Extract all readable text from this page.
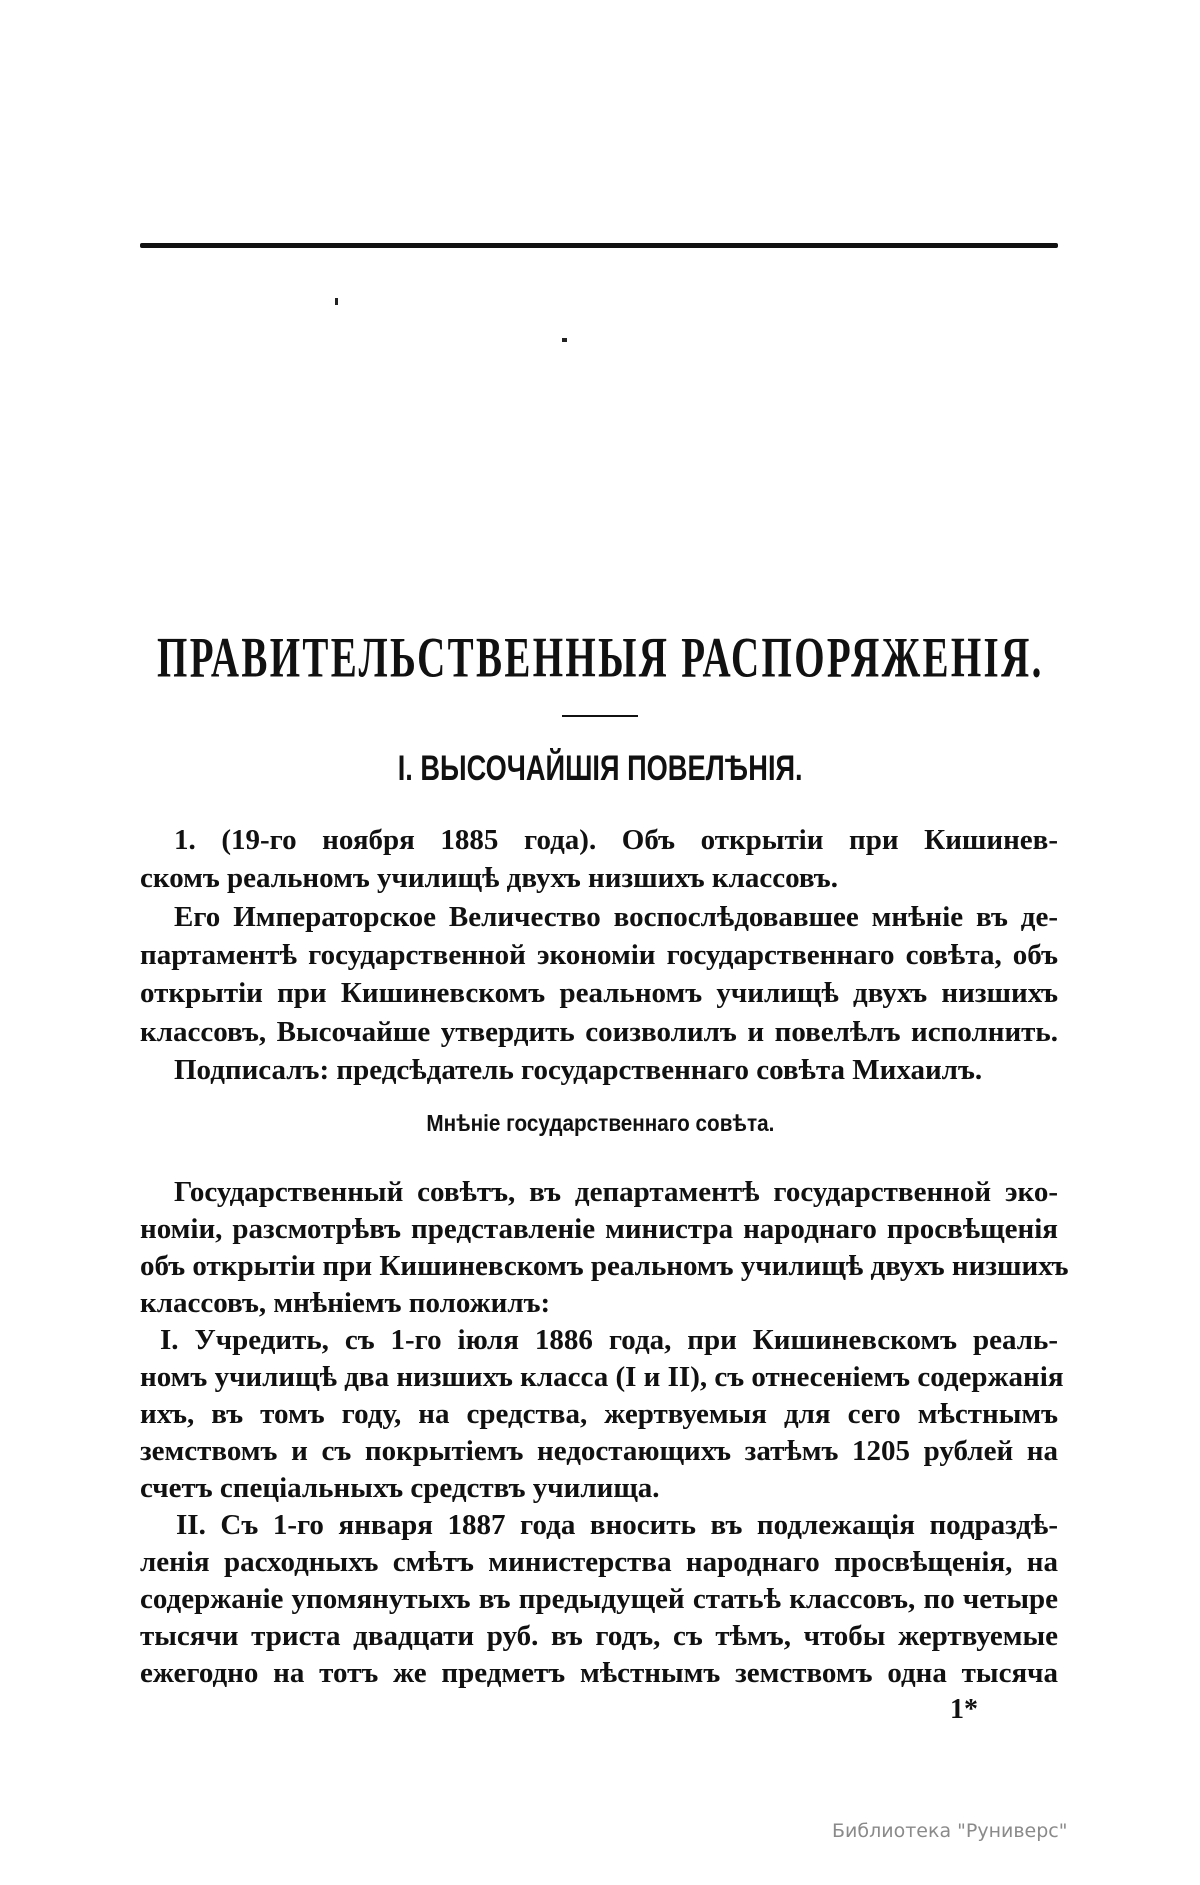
ПРАВИТЕЛЬСТВЕННЫЯ РАСПОРЯЖЕНІЯ.
I. ВЫСОЧАЙШІЯ ПОВЕЛѢНІЯ.
1. (19-го ноября 1885 года). Объ открытіи при Кишинев-
скомъ реальномъ училищѣ двухъ низшихъ классовъ.
Его Императорское Величество воспослѣдовавшее мнѣніе въ де-
партаментѣ государственной экономіи государственнаго совѣта, объ
открытіи при Кишиневскомъ реальномъ училищѣ двухъ низшихъ
классовъ, Высочайше утвердить соизволилъ и повелѣлъ исполнить.
Подписалъ: предсѣдатель государственнаго совѣта Михаилъ.
Мнѣніе государственнаго совѣта.
Государственный совѣтъ, въ департаментѣ государственной эко-
номіи, разсмотрѣвъ представленіе министра народнаго просвѣщенія
объ открытіи при Кишиневскомъ реальномъ училищѣ двухъ низшихъ
классовъ, мнѣніемъ положилъ:
I. Учредить, съ 1-го іюля 1886 года, при Кишиневскомъ реаль-
номъ училищѣ два низшихъ класса (I и II), съ отнесеніемъ содержанія
ихъ, въ томъ году, на средства, жертвуемыя для сего мѣстнымъ
земствомъ и съ покрытіемъ недостающихъ затѣмъ 1205 рублей на
счетъ спеціальныхъ средствъ училища.
II. Съ 1-го января 1887 года вносить въ подлежащія подраздѣ-
ленія расходныхъ смѣтъ министерства народнаго просвѣщенія, на
содержаніе упомянутыхъ въ предыдущей статьѣ классовъ, по четыре
тысячи триста двадцати руб. въ годъ, съ тѣмъ, чтобы жертвуемые
ежегодно на тотъ же предметъ мѣстнымъ земствомъ одна тысяча
1*
Библиотека "Руниверс"
